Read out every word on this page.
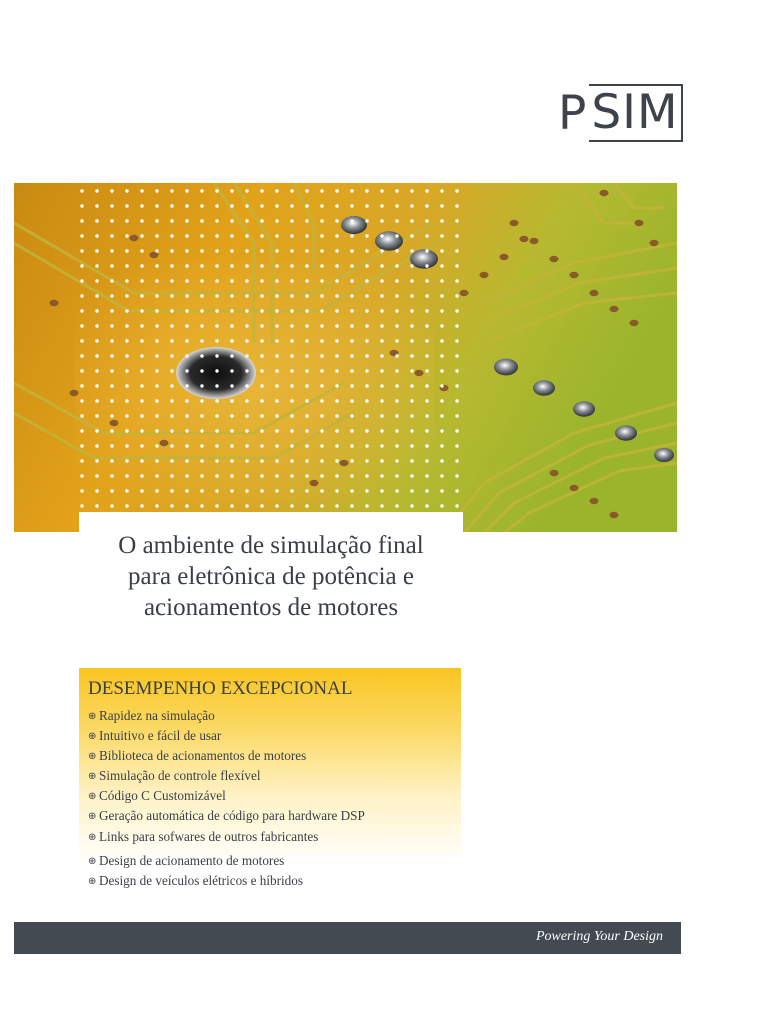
P SIM
O ambiente de simulação final
para eletrônica de potência e
acionamentos de motores
DESEMPENHO EXCEPCIONAL
⊕ Rapidez na simulação
⊕ Intuitivo e fácil de usar
⊕ Biblioteca de acionamentos de motores
⊕ Simulação de controle flexível
⊕ Código C Customizável
⊕ Geração automática de código para hardware DSP
⊕ Links para sofwares de outros fabricantes
⊕ Design de acionamento de motores
⊕ Design de veículos elétricos e híbridos
Powering Your Design
